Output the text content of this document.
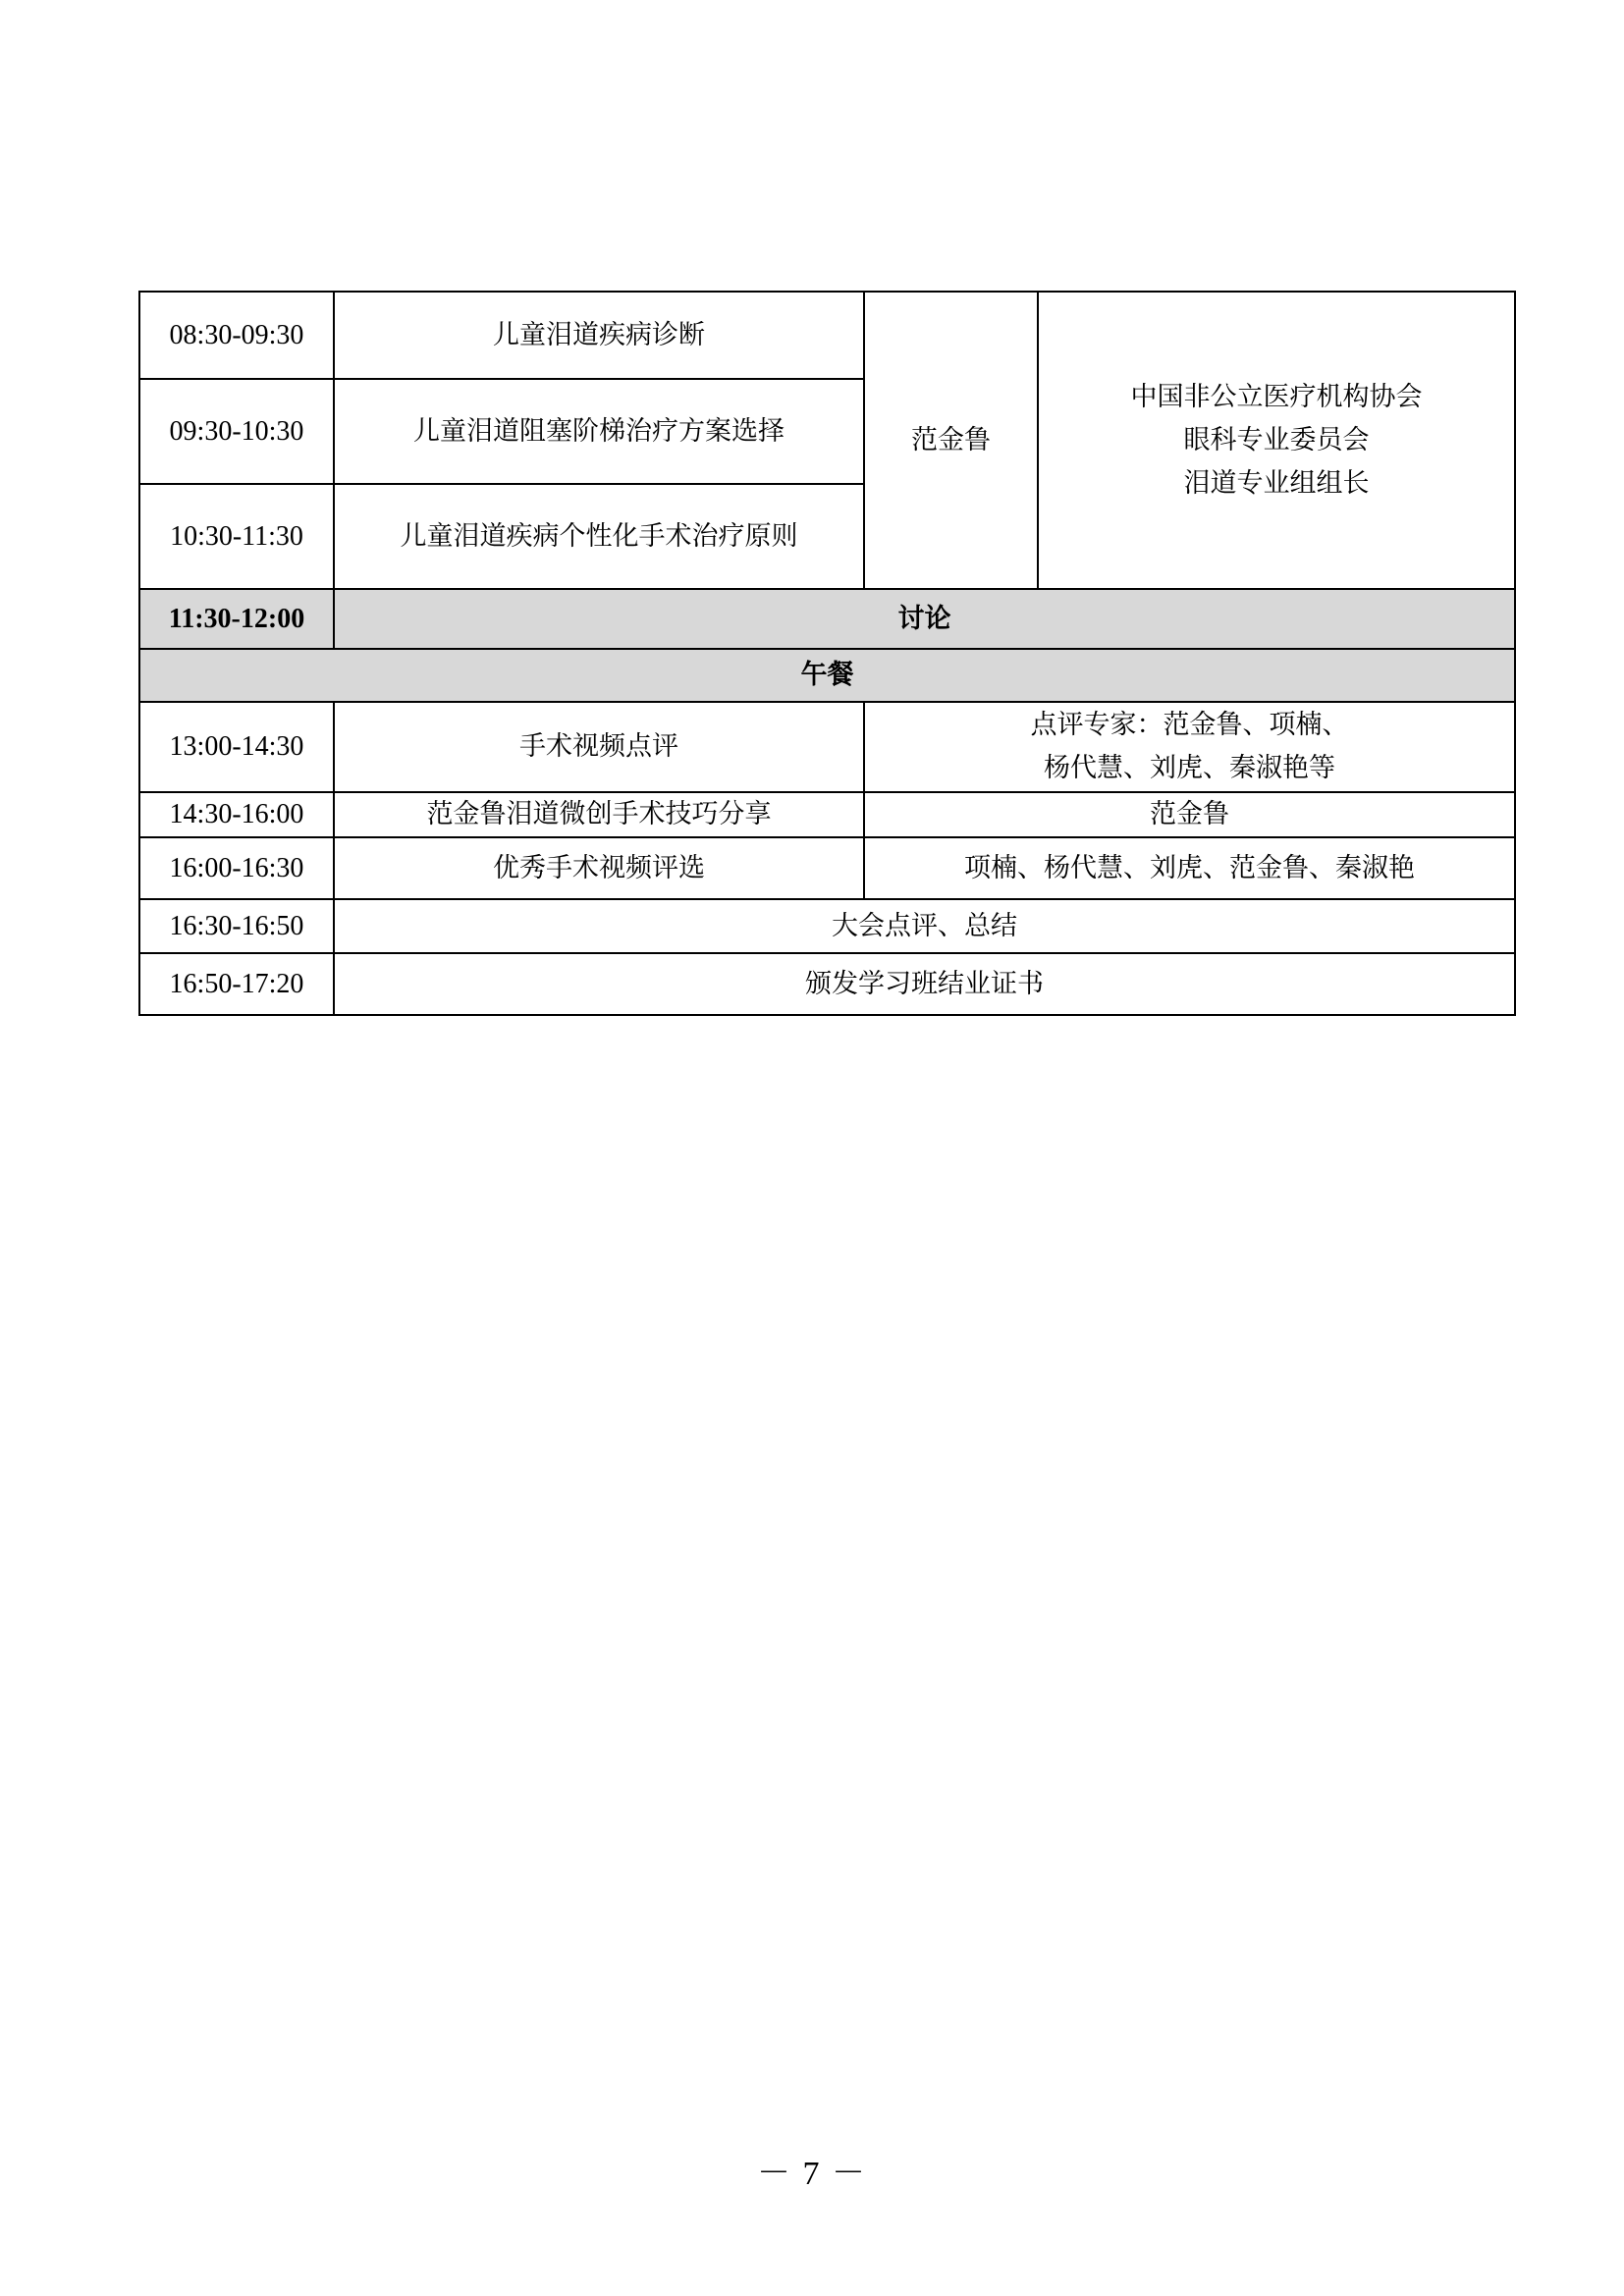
08:30-09:30	儿童泪道疾病诊断	范金鲁	中国非公立医疗机构协会
眼科专业委员会
泪道专业组组长

09:30-10:30	儿童泪道阻塞阶梯治疗方案选择		
10:30-11:30	儿童泪道疾病个性化手术治疗原则		
11:30-12:00	讨论		
午餐			
13:00-14:30	手术视频点评	点评专家：范金鲁、项楠、
杨代慧、刘虎、秦淑艳等	

14:30-16:00	范金鲁泪道微创手术技巧分享	范金鲁	
16:00-16:30	优秀手术视频评选	项楠、杨代慧、刘虎、范金鲁、秦淑艳	
16:30-16:50	大会点评、总结		
16:50-17:20	颁发学习班结业证书		
－ 7 －
